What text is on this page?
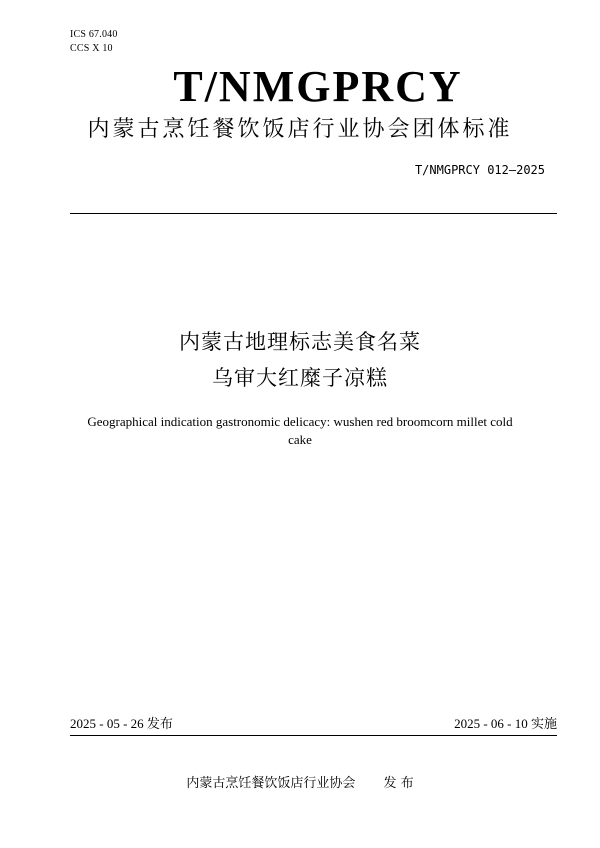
ICS 67.040
CCS X 10
T/NMGPRCY
内蒙古烹饪餐饮饭店行业协会团体标准
T/NMGPRCY 012—2025
内蒙古地理标志美食名菜
乌审大红糜子凉糕
Geographical indication gastronomic delicacy: wushen red broomcorn millet cold
cake
2025 - 05 - 26 发布	2025 - 06 - 10 实施
内蒙古烹饪餐饮饭店行业协会 发 布
